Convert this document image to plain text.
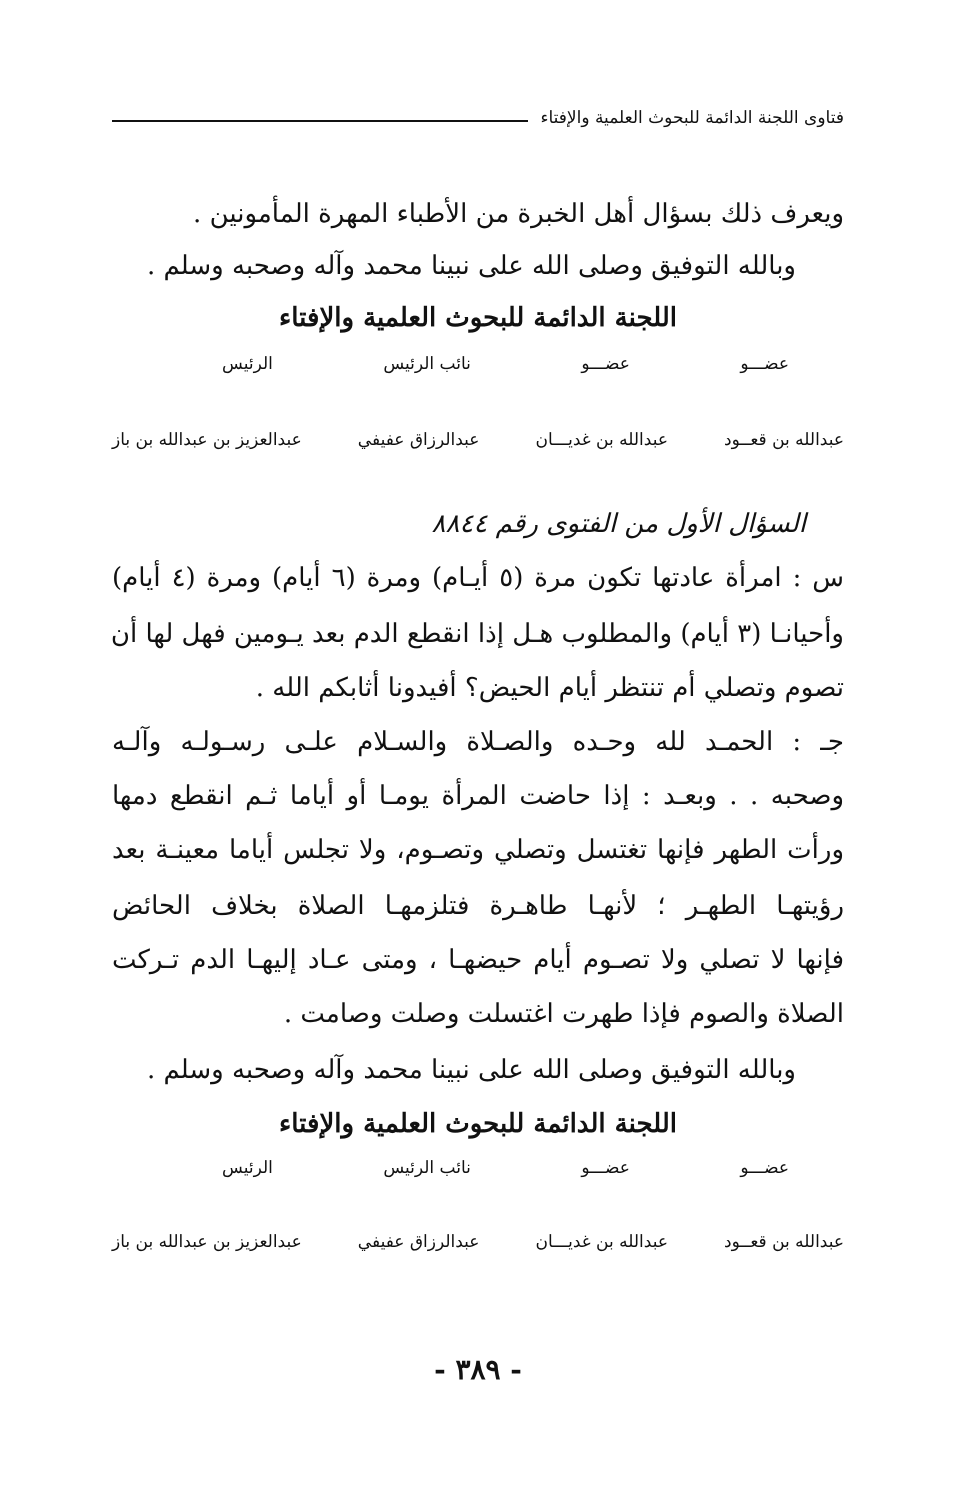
فتاوى اللجنة الدائمة للبحوث العلمية والإفتاء
ويعرف ذلك بسؤال أهل الخبرة من الأطباء المهرة المأمونين .
وبالله التوفيق وصلى الله على نبينا محمد وآله وصحبه وسلم .
اللجنة الدائمة للبحوث العلمية والإفتاء
عضـــو
عضـــو
نائب الرئيس
الرئيس
عبدالله بن قعــود
عبدالله بن غديـــان
عبدالرزاق عفيفي
عبدالعزيز بن عبدالله بن باز
السؤال الأول من الفتوى رقم ٨٨٤٤
س : امرأة عادتها تكون مرة (٥ أيـام) ومرة (٦ أيام) ومرة (٤ أيام)
وأحيانـا (٣ أيام) والمطلوب هـل إذا انقطع الدم بعد يـومين فهل لها أن
تصوم وتصلي أم تنتظر أيام الحيض؟ أفيدونا أثابكم الله .
جـ : الحمـد لله وحـده والصـلاة والسـلام علـى رسـولـه وآلـه
وصحبه . . وبعـد : إذا حاضت المرأة يومـا أو أياما ثـم انقطع دمها
ورأت الطهر فإنها تغتسل وتصلي وتصـوم، ولا تجلس أياما معينـة بعد
رؤيتهـا الطهـر ؛ لأنهـا طاهـرة فتلزمهـا الصلاة بخلاف الحائض
فإنها لا تصلي ولا تصـوم أيام حيضهـا ، ومتى عـاد إليهـا الدم تـركت
الصلاة والصوم فإذا طهرت اغتسلت وصلت وصامت .
وبالله التوفيق وصلى الله على نبينا محمد وآله وصحبه وسلم .
اللجنة الدائمة للبحوث العلمية والإفتاء
عضـــو
عضـــو
نائب الرئيس
الرئيس
عبدالله بن قعــود
عبدالله بن غديـــان
عبدالرزاق عفيفي
عبدالعزيز بن عبدالله بن باز
- ٣٨٩ -
